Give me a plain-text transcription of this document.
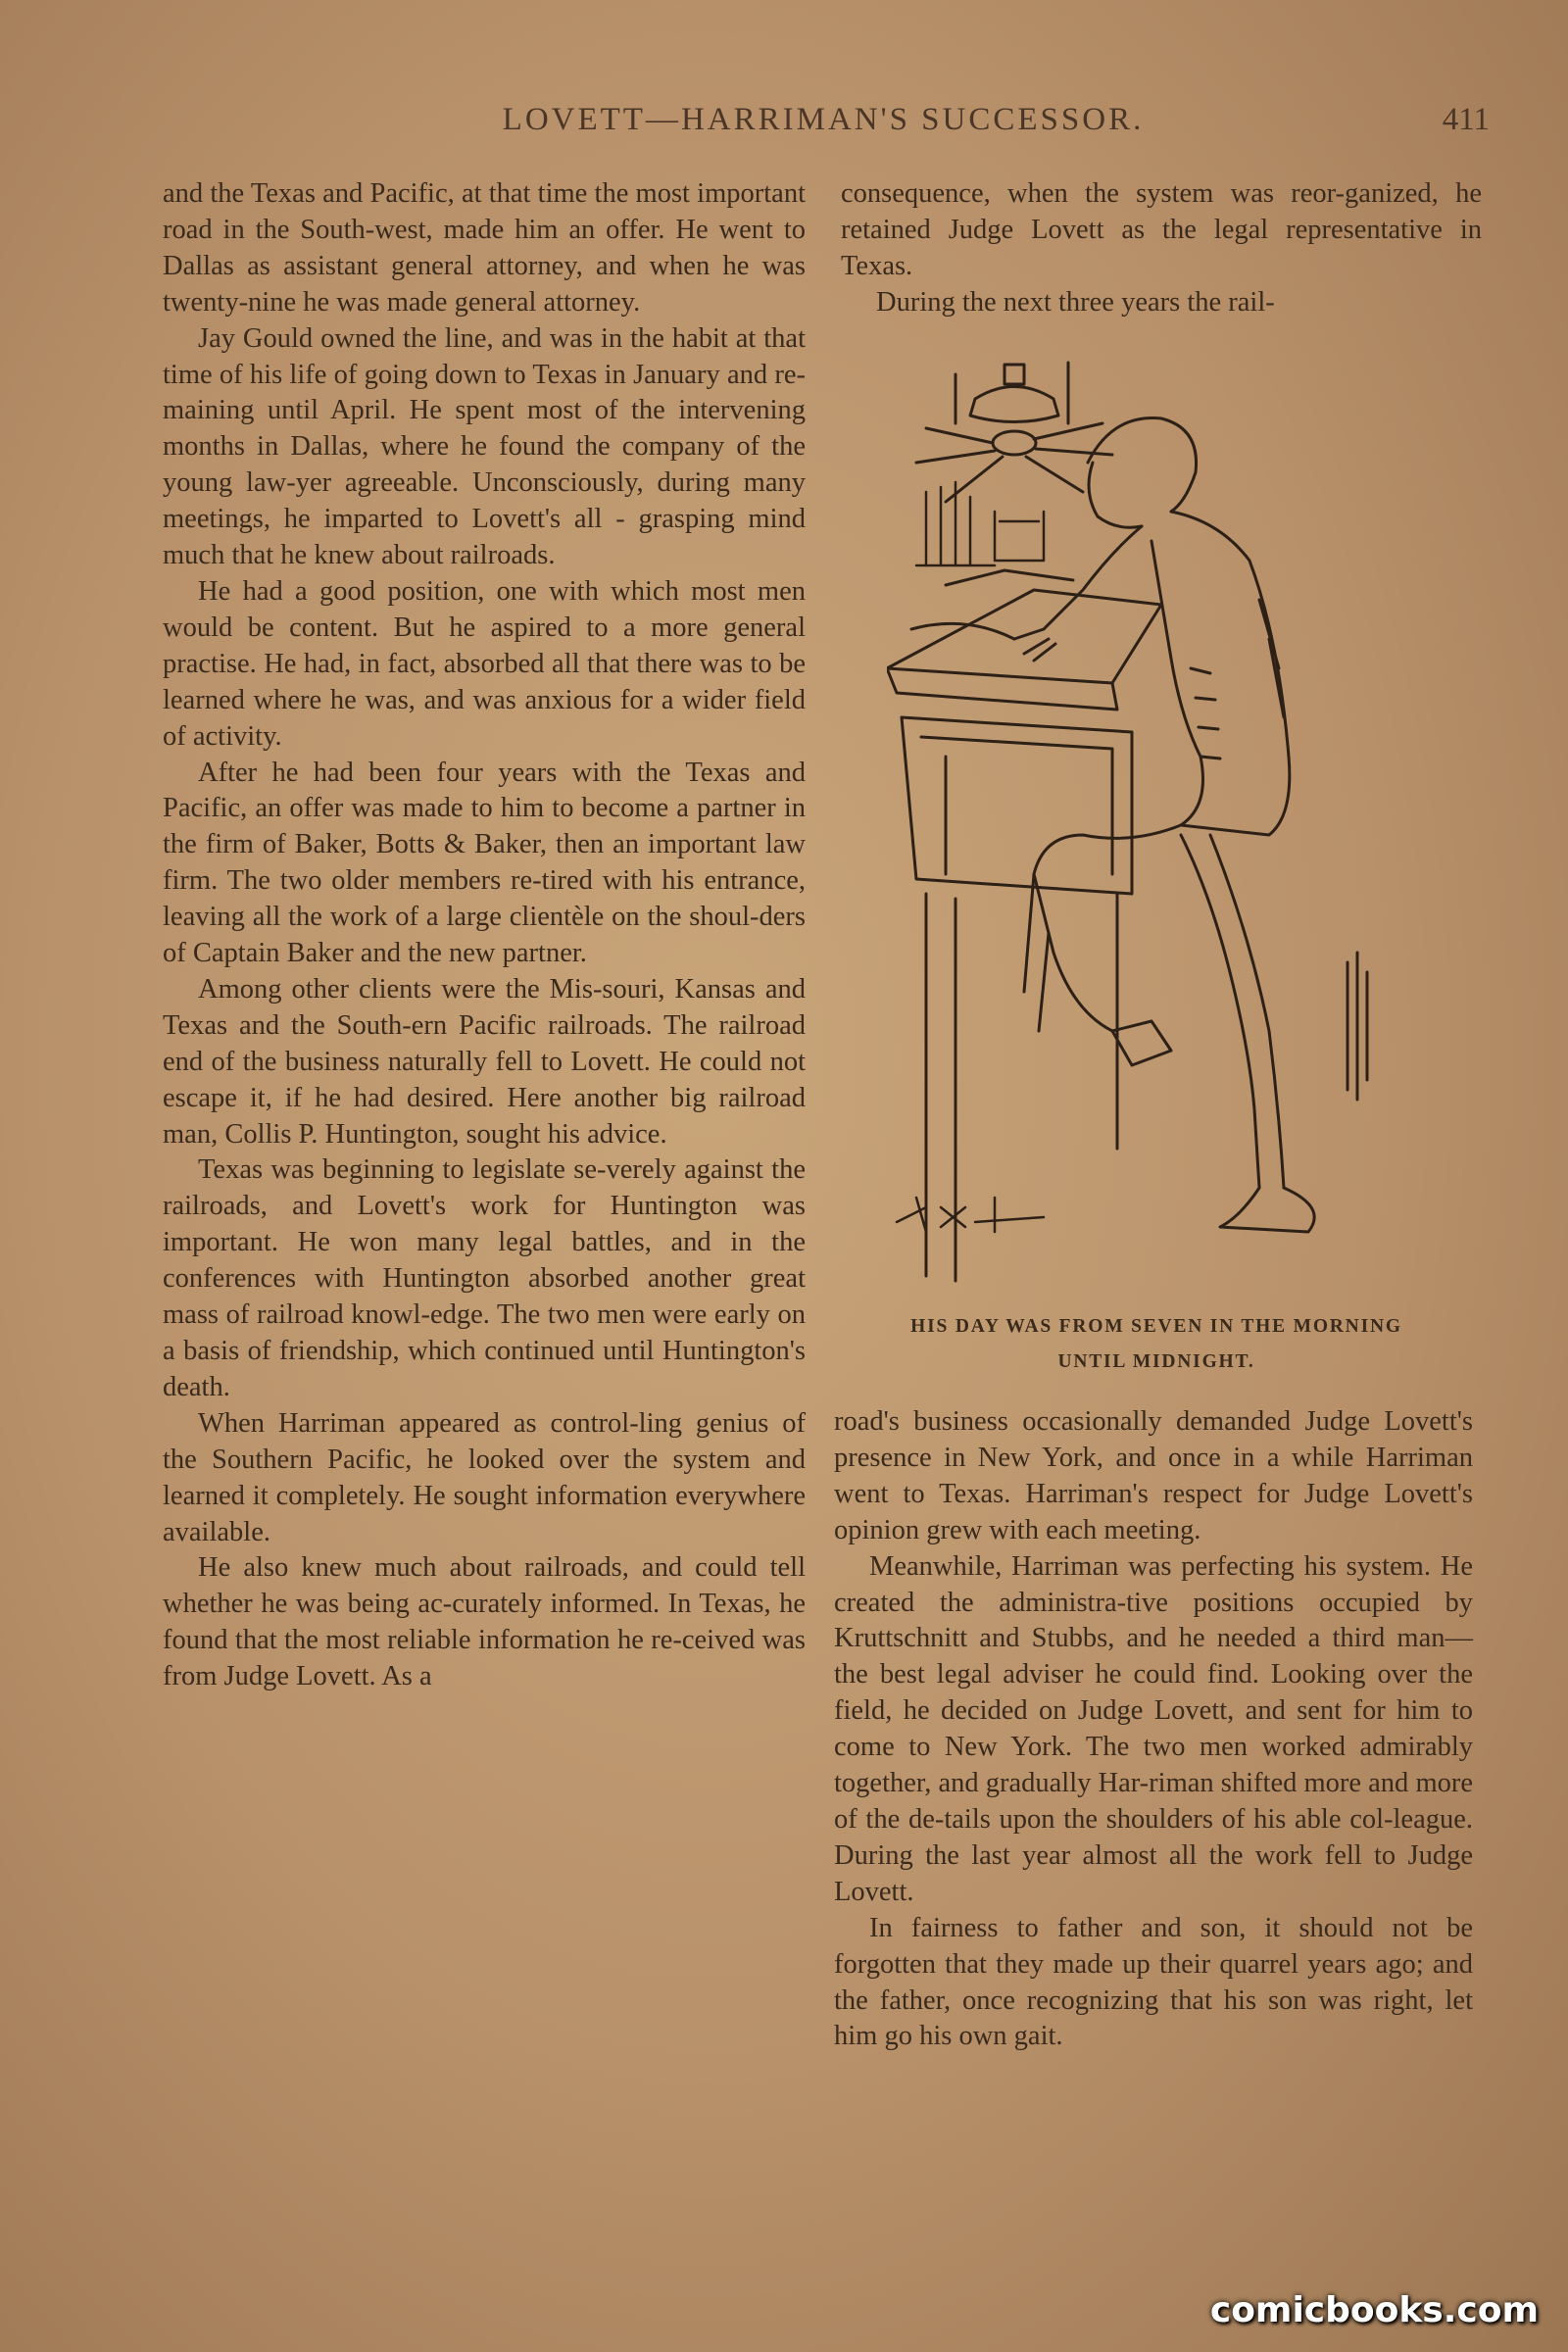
LOVETT—HARRIMAN'S SUCCESSOR.	411

and the Texas and Pacific, at that time the most important road in the South-west, made him an offer. He went to Dallas as assistant general attorney, and when he was twenty-nine he was made general attorney.

Jay Gould owned the line, and was in the habit at that time of his life of going down to Texas in January and re-maining until April. He spent most of the intervening months in Dallas, where he found the company of the young law-yer agreeable. Unconsciously, during many meetings, he imparted to Lovett's all - grasping mind much that he knew about railroads.

He had a good position, one with which most men would be content. But he aspired to a more general practise. He had, in fact, absorbed all that there was to be learned where he was, and was anxious for a wider field of activity.

After he had been four years with the Texas and Pacific, an offer was made to him to become a partner in the firm of Baker, Botts & Baker, then an important law firm. The two older members re-tired with his entrance, leaving all the work of a large clientèle on the shoul-ders of Captain Baker and the new partner.

Among other clients were the Mis-souri, Kansas and Texas and the South-ern Pacific railroads. The railroad end of the business naturally fell to Lovett. He could not escape it, if he had desired. Here another big railroad man, Collis P. Huntington, sought his advice.

Texas was beginning to legislate se-verely against the railroads, and Lovett's work for Huntington was important. He won many legal battles, and in the conferences with Huntington absorbed another great mass of railroad knowl-edge. The two men were early on a basis of friendship, which continued until Huntington's death.

When Harriman appeared as control-ling genius of the Southern Pacific, he looked over the system and learned it completely. He sought information everywhere available.

He also knew much about railroads, and could tell whether he was being ac-curately informed. In Texas, he found that the most reliable information he re-ceived was from Judge Lovett. As a

consequence, when the system was reor-ganized, he retained Judge Lovett as the legal representative in Texas.

During the next three years the rail-

HIS DAY WAS FROM SEVEN IN THE MORNING
UNTIL MIDNIGHT.

road's business occasionally demanded Judge Lovett's presence in New York, and once in a while Harriman went to Texas. Harriman's respect for Judge Lovett's opinion grew with each meeting.

Meanwhile, Harriman was perfecting his system. He created the administra-tive positions occupied by Kruttschnitt and Stubbs, and he needed a third man— the best legal adviser he could find. Looking over the field, he decided on Judge Lovett, and sent for him to come to New York. The two men worked admirably together, and gradually Har-riman shifted more and more of the de-tails upon the shoulders of his able col-league. During the last year almost all the work fell to Judge Lovett.

In fairness to father and son, it should not be forgotten that they made up their quarrel years ago; and the father, once recognizing that his son was right, let him go his own gait.

comicbooks.com
